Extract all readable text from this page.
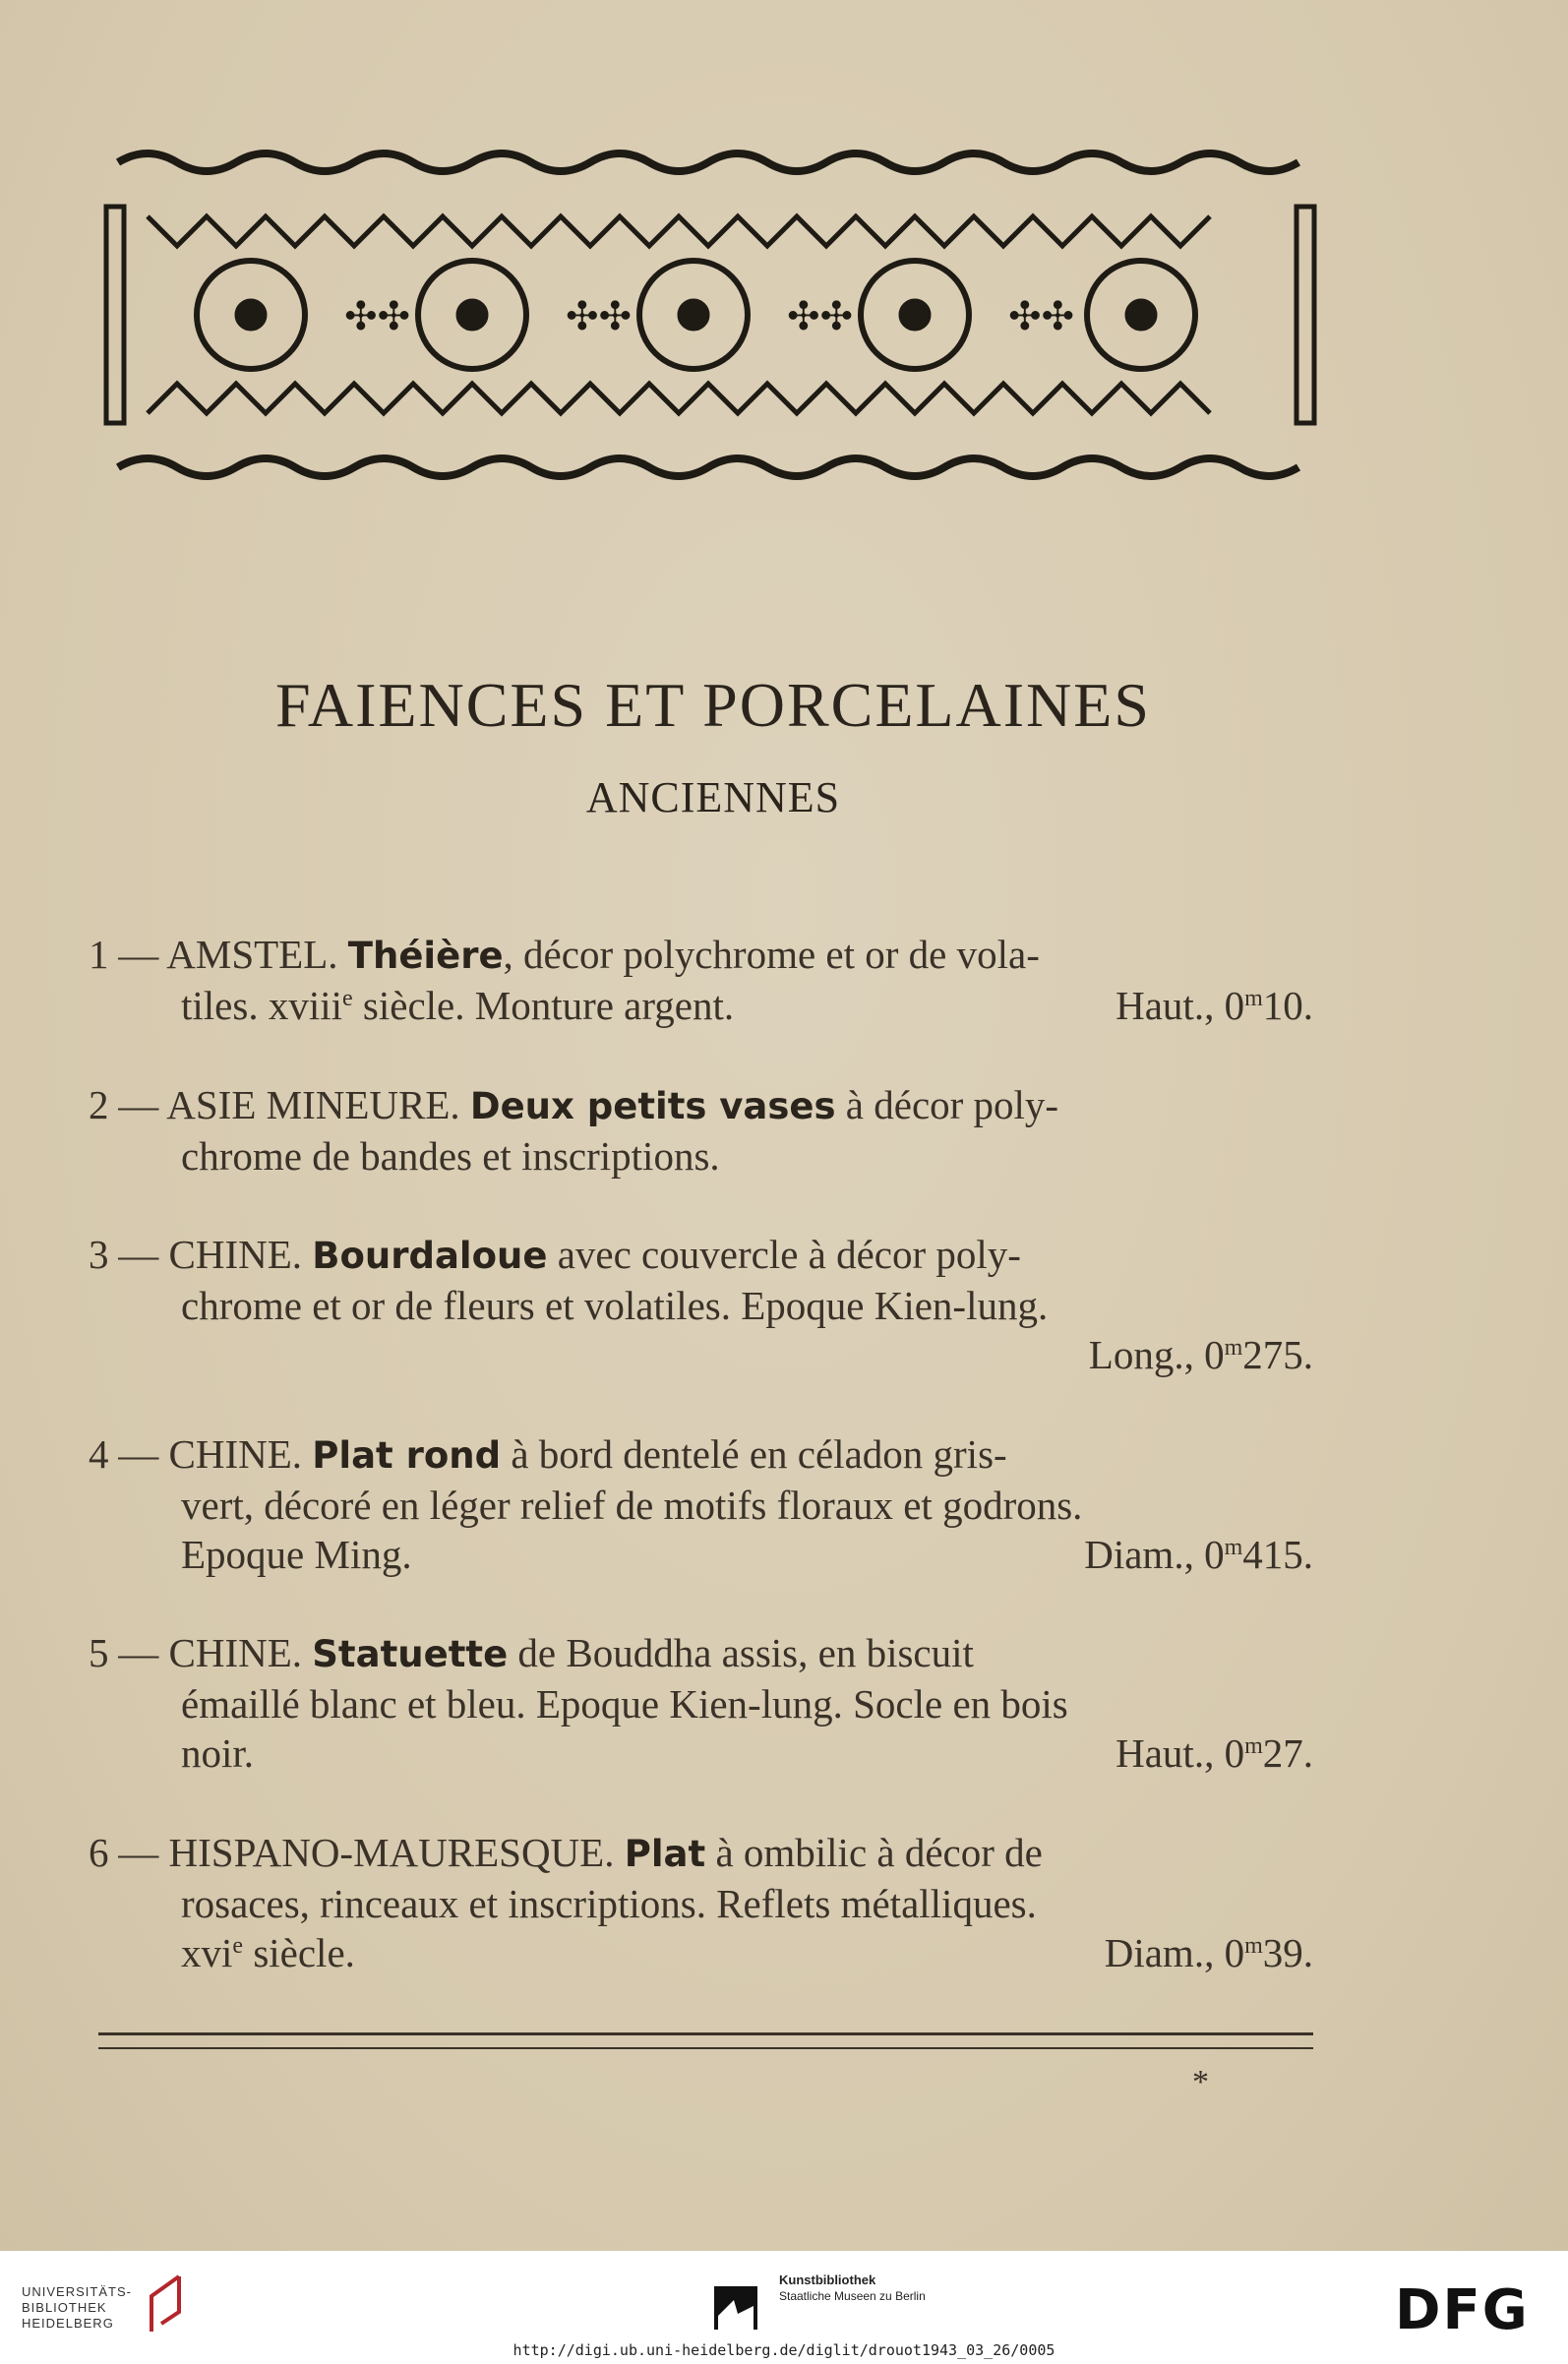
✣✣	✣✣	✣✣	✣✣
FAIENCES ET PORCELAINES
ANCIENNES
1 — AMSTEL. Théière, décor polychrome et or de vola-
tiles. xviii$^e$ siècle. Monture argent.	Haut., 0$^m$10.
2 — ASIE MINEURE. Deux petits vases à décor poly-
chrome de bandes et inscriptions.
3 — CHINE. Bourdaloue avec couvercle à décor poly-
chrome et or de fleurs et volatiles. Epoque Kien-lung.
Long., 0$^m$275.
4 — CHINE. Plat rond à bord dentelé en céladon gris-
vert, décoré en léger relief de motifs floraux et godrons.
Epoque Ming.	Diam., 0$^m$415.
5 — CHINE. Statuette de Bouddha assis, en biscuit
émaillé blanc et bleu. Epoque Kien-lung. Socle en bois
noir.	Haut., 0$^m$27.
6 — HISPANO-MAURESQUE. Plat à ombilic à décor de
rosaces, rinceaux et inscriptions. Reflets métalliques.
xvi$^e$ siècle.	Diam., 0$^m$39.
*
UNIVERSITÄTS-
BIBLIOTHEK
HEIDELBERG
Kunstbibliothek
Staatliche Museen zu Berlin	DFG
http://digi.ub.uni-heidelberg.de/diglit/drouot1943_03_26/0005
